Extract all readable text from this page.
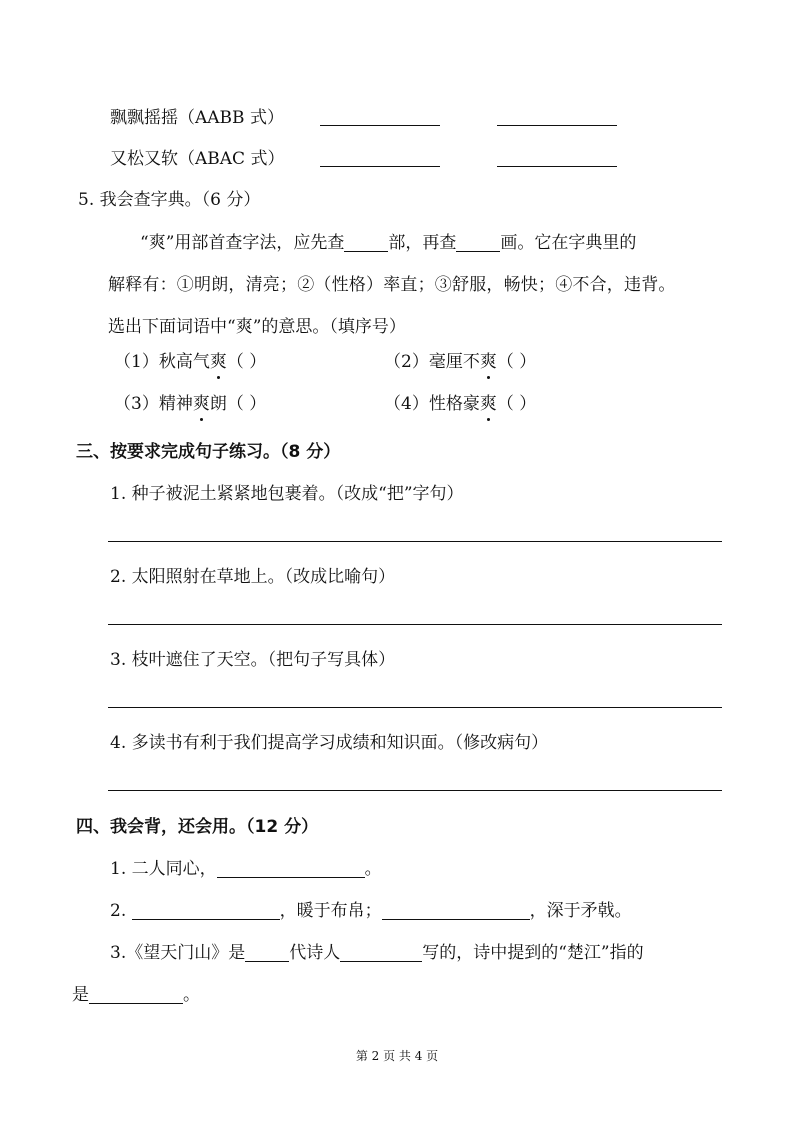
飘飘摇摇（AABB 式）
又松又软（ABAC 式）
5. 我会查字典。（6 分）
“爽”用部首查字法，应先查	部，再查	画。它在字典里的
解释有：①明朗，清亮；②（性格）率直；③舒服，畅快；④不合，违背。
选出下面词语中“爽”的意思。（填序号）
（1）秋高气爽（ ）	（2）毫厘不爽（ ）
（3）精神爽朗（ ）	（4）性格豪爽（ ）
三、按要求完成句子练习。（8 分）
1. 种子被泥土紧紧地包裹着。（改成“把”字句）
2. 太阳照射在草地上。（改成比喻句）
3. 枝叶遮住了天空。（把句子写具体）
4. 多读书有利于我们提高学习成绩和知识面。（修改病句）
四、我会背，还会用。（12 分）
1. 二人同心，	。
2.	，暖于布帛；	，深于矛戟。
3.《望天门山》是	代诗人	写的，诗中提到的“楚江”指的
是	。
第 2 页 共 4 页
